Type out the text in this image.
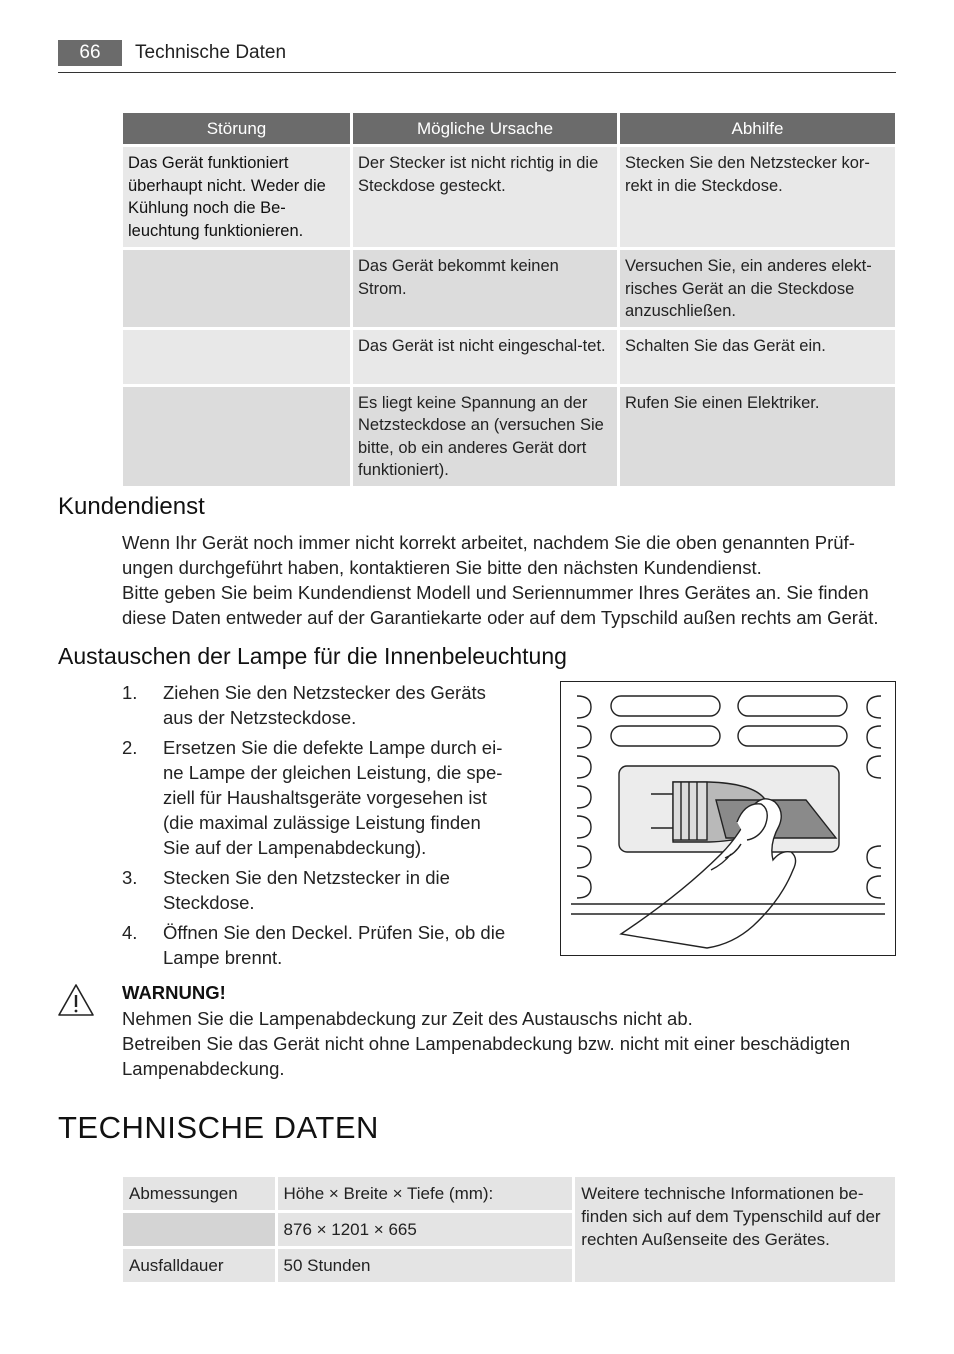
66	Technische Daten
Störung	Mögliche Ursache	Abhilfe
Das Gerät funktioniert überhaupt nicht. Weder die Kühlung noch die Be-leuchtung funktionieren.	Der Stecker ist nicht richtig in die Steckdose gesteckt.	Stecken Sie den Netzstecker kor-rekt in die Steckdose.
	Das Gerät bekommt keinen Strom.	Versuchen Sie, ein anderes elekt-risches Gerät an die Steckdose anzuschließen.
	Das Gerät ist nicht eingeschal-tet.	Schalten Sie das Gerät ein.
	Es liegt keine Spannung an der Netzsteckdose an (versuchen Sie bitte, ob ein anderes Gerät dort funktioniert).	Rufen Sie einen Elektriker.
Kundendienst

Wenn Ihr Gerät noch immer nicht korrekt arbeitet, nachdem Sie die oben genannten Prüf-ungen durchgeführt haben, kontaktieren Sie bitte den nächsten Kundendienst.

Bitte geben Sie beim Kundendienst Modell und Seriennummer Ihres Gerätes an. Sie finden diese Daten entweder auf der Garantiekarte oder auf dem Typschild außen rechts am Gerät.

Austauschen der Lampe für die Innenbeleuchtung
1. Ziehen Sie den Netzstecker des Geräts aus der Netzsteckdose.
2. Ersetzen Sie die defekte Lampe durch ei-ne Lampe der gleichen Leistung, die spe-ziell für Haushaltsgeräte vorgesehen ist (die maximal zulässige Leistung finden Sie auf der Lampenabdeckung).
3. Stecken Sie den Netzstecker in die Steckdose.
4. Öffnen Sie den Deckel. Prüfen Sie, ob die Lampe brennt.
WARNUNG!

Nehmen Sie die Lampenabdeckung zur Zeit des Austauschs nicht ab.

Betreiben Sie das Gerät nicht ohne Lampenabdeckung bzw. nicht mit einer beschädigten Lampenabdeckung.

TECHNISCHE DATEN
Abmessungen	Höhe × Breite × Tiefe (mm):	Weitere technische Informationen be-finden sich auf dem Typenschild auf der rechten Außenseite des Gerätes.
	876 × 1201 × 665	
Ausfalldauer	50 Stunden	
